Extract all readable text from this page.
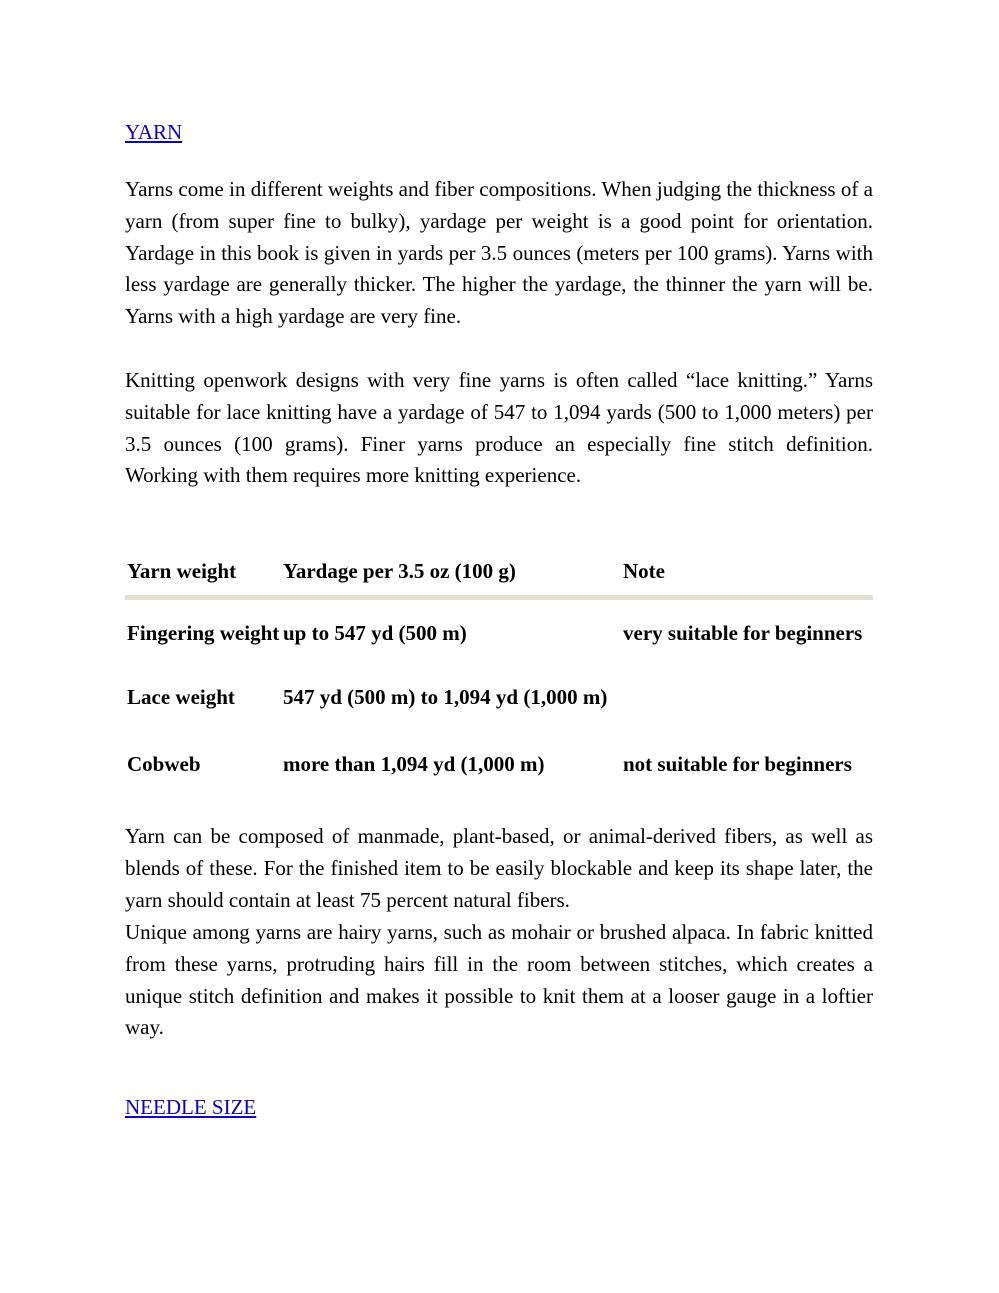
YARN

Yarns come in different weights and fiber compositions. When judging the thickness of a yarn (from super fine to bulky), yardage per weight is a good point for orientation. Yardage in this book is given in yards per 3.5 ounces (meters per 100 grams). Yarns with less yardage are generally thicker. The higher the yardage, the thinner the yarn will be. Yarns with a high yardage are very fine.

Knitting openwork designs with very fine yarns is often called “lace knitting.” Yarns suitable for lace knitting have a yardage of 547 to 1,094 yards (500 to 1,000 meters) per 3.5 ounces (100 grams). Finer yarns produce an especially fine stitch definition. Working with them requires more knitting experience.

Yarn weight	Yardage per 3.5 oz (100 g)	Note
Fingering weight	up to 547 yd (500 m)	very suitable for beginners
Lace weight	547 yd (500 m) to 1,094 yd (1,000 m)	
Cobweb	more than 1,094 yd (1,000 m)	not suitable for beginners

Yarn can be composed of manmade, plant-based, or animal-derived fibers, as well as blends of these. For the finished item to be easily blockable and keep its shape later, the yarn should contain at least 75 percent natural fibers.

Unique among yarns are hairy yarns, such as mohair or brushed alpaca. In fabric knitted from these yarns, protruding hairs fill in the room between stitches, which creates a unique stitch definition and makes it possible to knit them at a looser gauge in a loftier way.

NEEDLE SIZE
